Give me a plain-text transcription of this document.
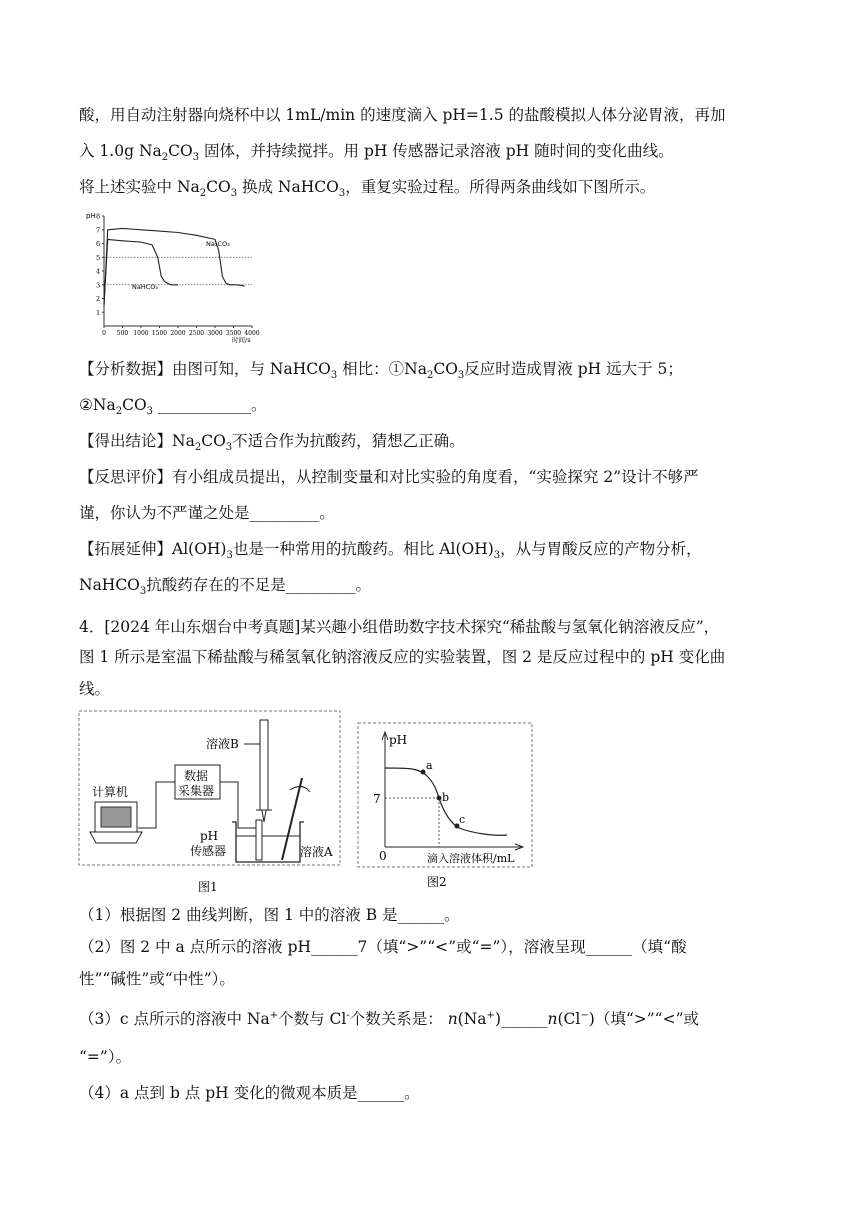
酸，用自动注射器向烧杯中以 1mL/min 的速度滴入 pH=1.5 的盐酸模拟人体分泌胃液，再加
入 1.0g $Na_2CO_3$ 固体，并持续搅拌。用 pH 传感器记录溶液 pH 随时间的变化曲线。
将上述实验中 $Na_2CO_3$ 换成 NaHCO$_3$，重复实验过程。所得两条曲线如下图所示。
pH
1
2
3
4
5
6
7
8
0 500 1000 1500 2000 2500 3000 3500 4000
时间/s
Na₂CO₃
NaHCO₃
【分析数据】由图可知，与 NaHCO$_3$ 相比：$①Na_2CO_3$反应时造成胃液 pH 远大于 5；
$②Na_2CO_3$ ____________。
【得出结论】$Na_2CO_3$不适合作为抗酸药，猜想乙正确。
【反思评价】有小组成员提出，从控制变量和对比实验的角度看，“实验探究 2”设计不够严
谨，你认为不严谨之处是_________。
【拓展延伸】$Al(OH)_3$也是一种常用的抗酸药。相比 $Al(OH)_3$，从与胃酸反应的产物分析，
NaHCO$_3$抗酸药存在的不足是_________。
4．[2024 年山东烟台中考真题]某兴趣小组借助数字技术探究“稀盐酸与氢氧化钠溶液反应”，
图 1 所示是室温下稀盐酸与稀氢氧化钠溶液反应的实验装置，图 2 是反应过程中的 pH 变化曲
线。
计算机
数据
采集器
溶液B
pH
传感器	溶液A
图1
pH
7
0	滴入溶液体积/mL
a
b
c
图2
（1）根据图 2 曲线判断，图 1 中的溶液 B 是______。
（2）图 2 中 a 点所示的溶液 pH______7（填“>”“<”或“=”），溶液呈现______（填“酸
性”“碱性”或“中性”）。
（3）c 点所示的溶液中 Na+个数与 Cl-个数关系是： n(Na+)______n(Cl−)（填“>”“<”或
“=”）。
（4）a 点到 b 点 pH 变化的微观本质是______。
